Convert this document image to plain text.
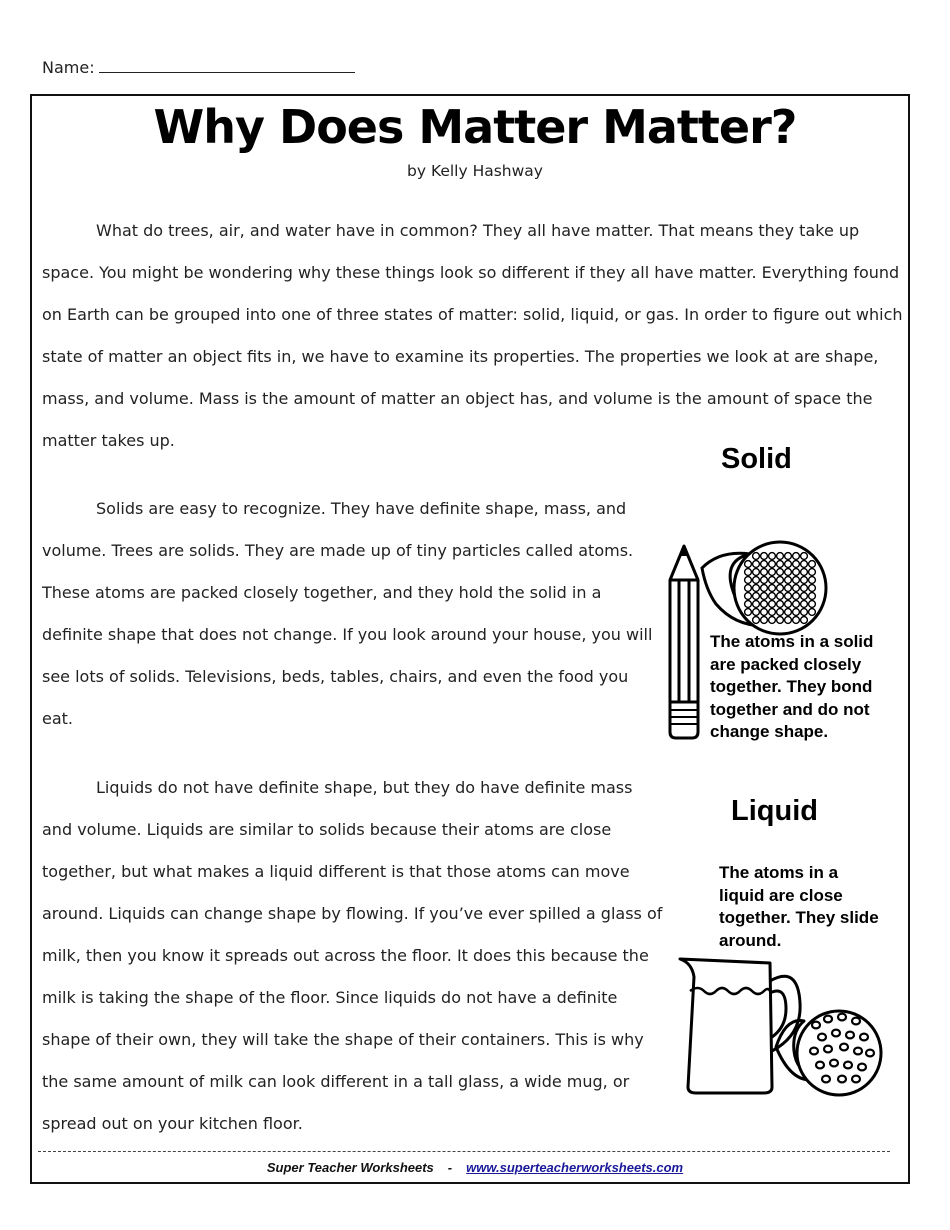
Name:
Why Does Matter Matter?
by Kelly Hashway

What do trees, air, and water have in common? They all have matter. That means they take up space. You might be wondering why these things look so different if they all have matter. Everything found on Earth can be grouped into one of three states of matter: solid, liquid, or gas. In order to figure out which state of matter an object fits in, we have to examine its properties. The properties we look at are shape, mass, and volume. Mass is the amount of matter an object has, and volume is the amount of space the matter takes up.

Solids are easy to recognize. They have definite shape, mass, and volume. Trees are solids. They are made up of tiny particles called atoms. These atoms are packed closely together, and they hold the solid in a definite shape that does not change. If you look around your house, you will see lots of solids. Televisions, beds, tables, chairs, and even the food you eat.

Liquids do not have definite shape, but they do have definite mass and volume. Liquids are similar to solids because their atoms are close together, but what makes a liquid different is that those atoms can move around. Liquids can change shape by flowing. If you’ve ever spilled a glass of milk, then you know it spreads out across the floor. It does this because the milk is taking the shape of the floor. Since liquids do not have a definite shape of their own, they will take the shape of their containers. This is why the same amount of milk can look different in a tall glass, a wide mug, or spread out on your kitchen floor.

Solid

The atoms in a solid are packed closely together. They bond together and do not change shape.

Liquid

The atoms in a liquid are close together. They slide around.

Super Teacher Worksheets - www.superteacherworksheets.com
